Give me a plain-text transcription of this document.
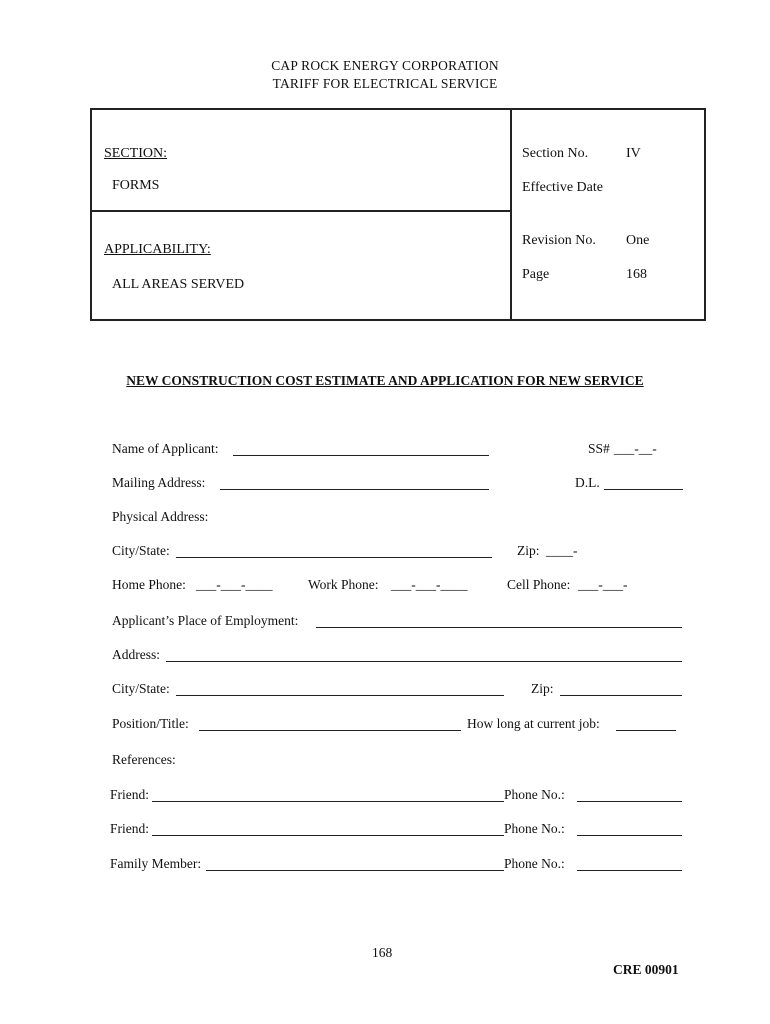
CAP ROCK ENERGY CORPORATION
TARIFF FOR ELECTRICAL SERVICE
SECTION:
FORMS
APPLICABILITY:
ALL AREAS SERVED
Section No.	IV
Effective Date
Revision No. One
Page	168
NEW CONSTRUCTION COST ESTIMATE AND APPLICATION FOR NEW SERVICE
Name of Applicant:	SS# ___-__-
Mailing Address:	D.L.
Physical Address:
City/State:	Zip: ____-
Home Phone: ___-___-____	Work Phone: ___-___-____	Cell Phone: ___-___-
Applicant’s Place of Employment:
Address:
City/State:	Zip:
Position/Title:	How long at current job:
References:
Friend:	Phone No.:
Friend:	Phone No.:
Family Member:	Phone No.:
168
CRE 00901
